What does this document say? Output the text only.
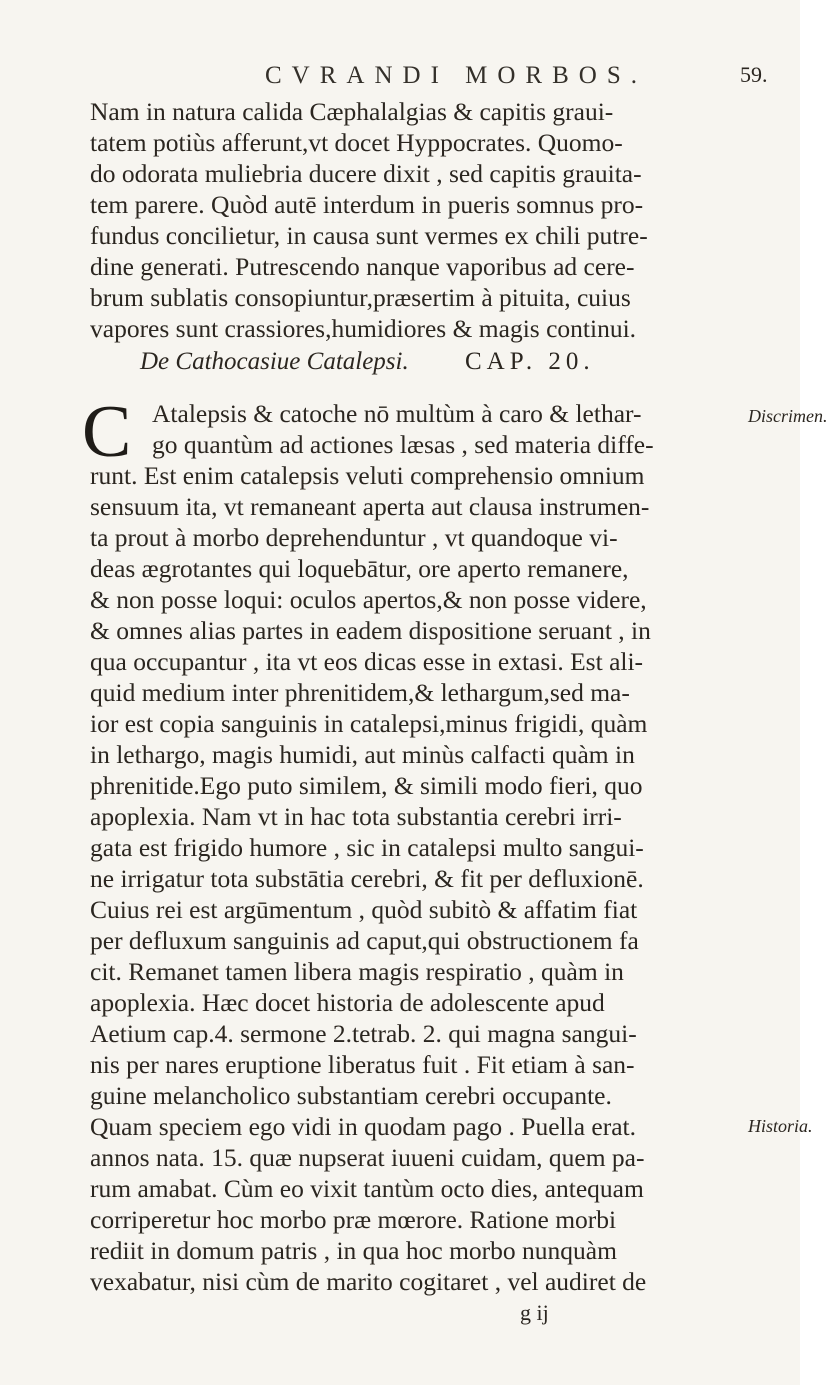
CVRANDI MORBOS.	59.
Nam in natura calida Cæphalalgias & capitis graui-
tatem potiùs afferunt,vt docet Hyppocrates. Quomo-
do odorata muliebria ducere dixit , sed capitis grauita-
tem parere. Quòd autē interdum in pueris somnus pro-
fundus concilietur, in causa sunt vermes ex chili putre-
dine generati. Putrescendo nanque vaporibus ad cere-
brum sublatis consopiuntur,præsertim à pituita, cuius
vapores sunt crassiores,humidiores & magis continui.
De Cathocasiue Catalepsi. CAP. 20.
C Atalepsis & catoche nō multùm à caro & lethar-
go quantùm ad actiones læsas , sed materia diffe-
runt. Est enim catalepsis veluti comprehensio omnium
sensuum ita, vt remaneant aperta aut clausa instrumen-
ta prout à morbo deprehenduntur , vt quandoque vi-
deas ægrotantes qui loquebātur, ore aperto remanere,
& non posse loqui: oculos apertos,& non posse videre,
& omnes alias partes in eadem dispositione seruant , in
qua occupantur , ita vt eos dicas esse in extasi. Est ali-
quid medium inter phrenitidem,& lethargum,sed ma-
ior est copia sanguinis in catalepsi,minus frigidi, quàm
in lethargo, magis humidi, aut minùs calfacti quàm in
phrenitide.Ego puto similem, & simili modo fieri, quo
apoplexia. Nam vt in hac tota substantia cerebri irri-
gata est frigido humore , sic in catalepsi multo sangui-
ne irrigatur tota substātia cerebri, & fit per defluxionē.
Cuius rei est argūmentum , quòd subitò & affatim fiat
per defluxum sanguinis ad caput,qui obstructionem fa
cit. Remanet tamen libera magis respiratio , quàm in
apoplexia. Hæc docet historia de adolescente apud
Aetium cap.4. sermone 2.tetrab. 2. qui magna sangui-
nis per nares eruptione liberatus fuit . Fit etiam à san-
guine melancholico substantiam cerebri occupante.
Quam speciem ego vidi in quodam pago . Puella erat.
annos nata. 15. quæ nupserat iuueni cuidam, quem pa-
rum amabat. Cùm eo vixit tantùm octo dies, antequam
corriperetur hoc morbo præ mœrore. Ratione morbi
rediit in domum patris , in qua hoc morbo nunquàm
vexabatur, nisi cùm de marito cogitaret , vel audiret de
Discrimen.
Historia.
g ij
